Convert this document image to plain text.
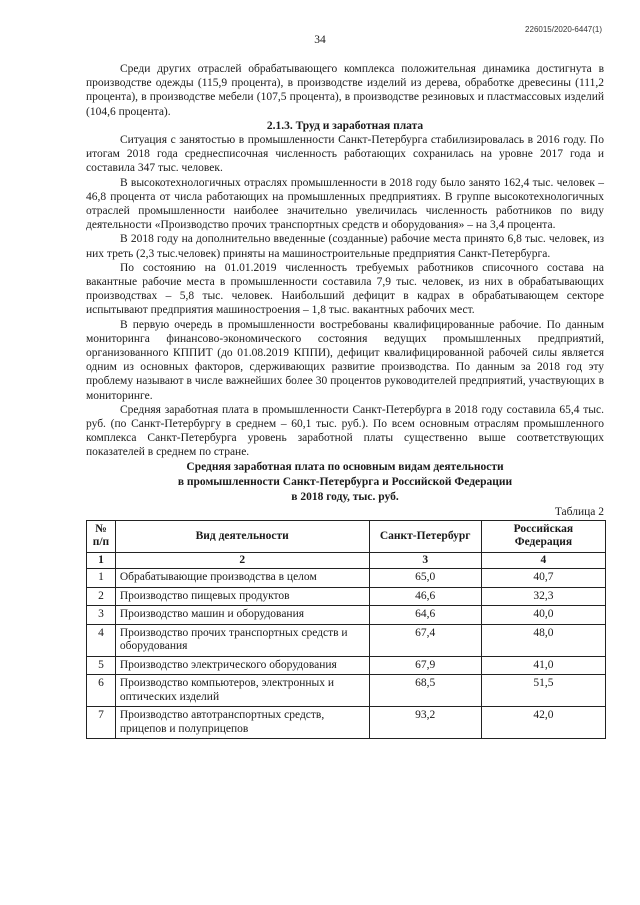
226015/2020-6447(1)
34

Среди других отраслей обрабатывающего комплекса положительная динамика достигнута в производстве одежды (115,9 процента), в производстве изделий из дерева, обработке древесины (111,2 процента), в производстве мебели (107,5 процента), в производстве резиновых и пластмассовых изделий (104,6 процента).

2.1.3. Труд и заработная плата

Ситуация с занятостью в промышленности Санкт-Петербурга стабилизировалась в 2016 году. По итогам 2018 года среднесписочная численность работающих сохранилась на уровне 2017 года и составила 347 тыс. человек.

В высокотехнологичных отраслях промышленности в 2018 году было занято 162,4 тыс. человек – 46,8 процента от числа работающих на промышленных предприятиях. В группе высокотехнологичных отраслей промышленности наиболее значительно увеличилась численность работников по виду деятельности «Производство прочих транспортных средств и оборудования» – на 3,4 процента.

В 2018 году на дополнительно введенные (созданные) рабочие места принято 6,8 тыс. человек, из них треть (2,3 тыс.человек) приняты на машиностроительные предприятия Санкт-Петербурга.

По состоянию на 01.01.2019 численность требуемых работников списочного состава на вакантные рабочие места в промышленности составила 7,9 тыс. человек, из них в обрабатывающих производствах – 5,8 тыс. человек. Наибольший дефицит в кадрах в обрабатывающем секторе испытывают предприятия машиностроения – 1,8 тыс. вакантных рабочих мест.

В первую очередь в промышленности востребованы квалифицированные рабочие. По данным мониторинга финансово-экономического состояния ведущих промышленных предприятий, организованного КППИТ (до 01.08.2019 КППИ), дефицит квалифицированной рабочей силы является одним из основных факторов, сдерживающих развитие производства. По данным за 2018 год эту проблему называют в числе важнейших более 30 процентов руководителей предприятий, участвующих в мониторинге.

Средняя заработная плата в промышленности Санкт-Петербурга в 2018 году составила 65,4 тыс. руб. (по Санкт-Петербургу в среднем – 60,1 тыс. руб.). По всем основным отраслям промышленного комплекса Санкт-Петербурга уровень заработной платы существенно выше соответствующих показателей в среднем по стране.

Средняя заработная плата по основным видам деятельности
в промышленности Санкт-Петербурга и Российской Федерации
в 2018 году, тыс. руб.

Таблица 2

№ п/п	Вид деятельности	Санкт-Петербург	Российская Федерация
1	2	3	4
1	Обрабатывающие производства в целом	65,0	40,7
2	Производство пищевых продуктов	46,6	32,3
3	Производство машин и оборудования	64,6	40,0
4	Производство прочих транспортных средств и оборудования	67,4	48,0
5	Производство электрического оборудования	67,9	41,0
6	Производство компьютеров, электронных и оптических изделий	68,5	51,5
7	Производство автотранспортных средств, прицепов и полуприцепов	93,2	42,0
